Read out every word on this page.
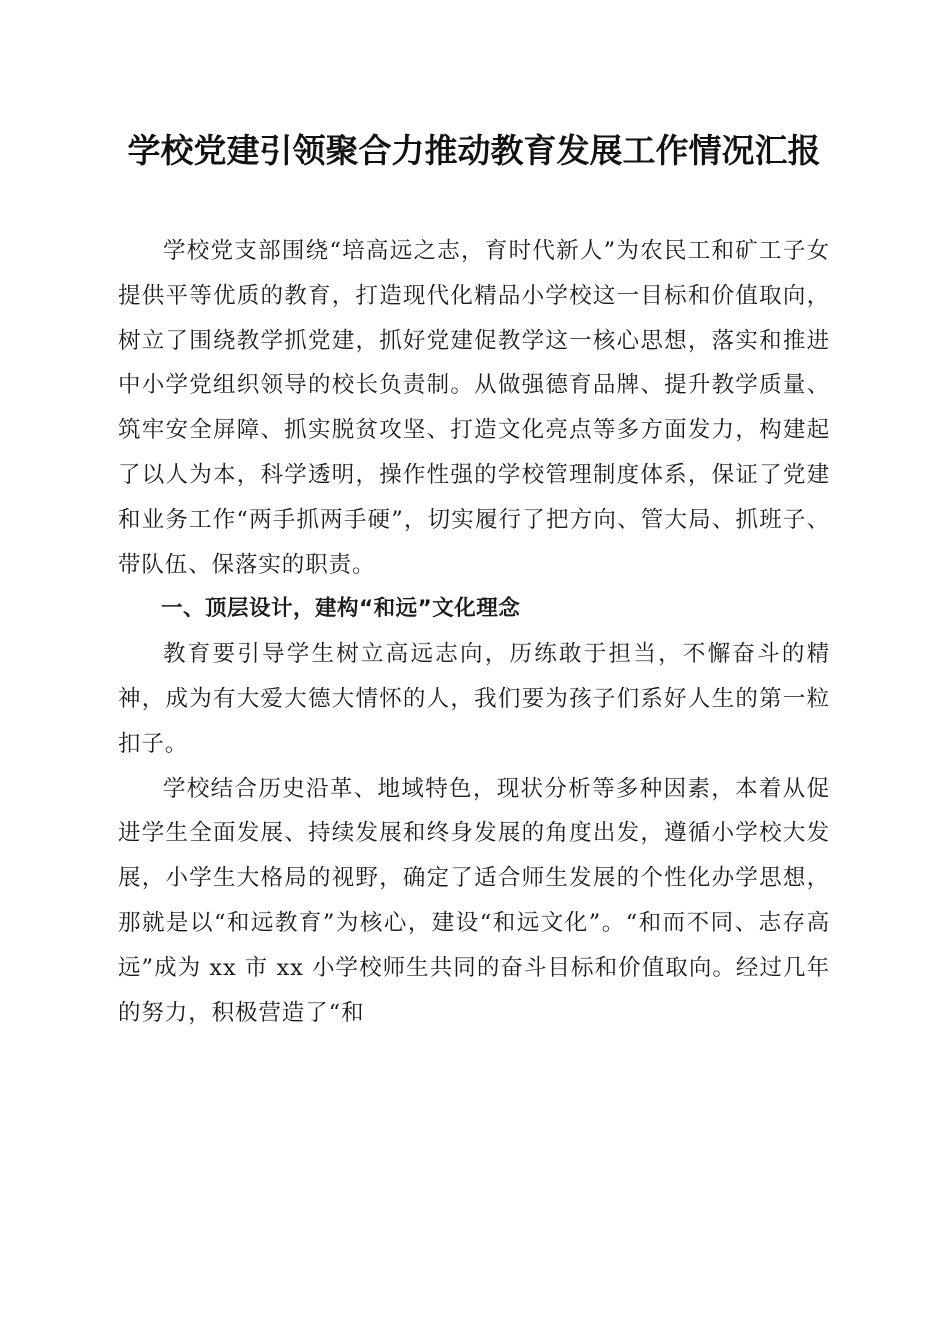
学校党建引领聚合力推动教育发展工作情况汇报

学校党支部围绕“培高远之志，育时代新人”为农民工和矿工子女提供平等优质的教育，打造现代化精品小学校这一目标和价值取向，树立了围绕教学抓党建，抓好党建促教学这一核心思想，落实和推进中小学党组织领导的校长负责制。从做强德育品牌、提升教学质量、筑牢安全屏障、抓实脱贫攻坚、打造文化亮点等多方面发力，构建起了以人为本，科学透明，操作性强的学校管理制度体系，保证了党建和业务工作“两手抓两手硬”，切实履行了把方向、管大局、抓班子、带队伍、保落实的职责。

一、顶层设计，建构“和远”文化理念

教育要引导学生树立高远志向，历练敢于担当，不懈奋斗的精神，成为有大爱大德大情怀的人，我们要为孩子们系好人生的第一粒扣子。

学校结合历史沿革、地域特色，现状分析等多种因素，本着从促进学生全面发展、持续发展和终身发展的角度出发，遵循小学校大发展，小学生大格局的视野，确定了适合师生发展的个性化办学思想，那就是以“和远教育”为核心，建设“和远文化”。“和而不同、志存高远”成为 xx 市 xx 小学校师生共同的奋斗目标和价值取向。经过几年的努力，积极营造了“和
